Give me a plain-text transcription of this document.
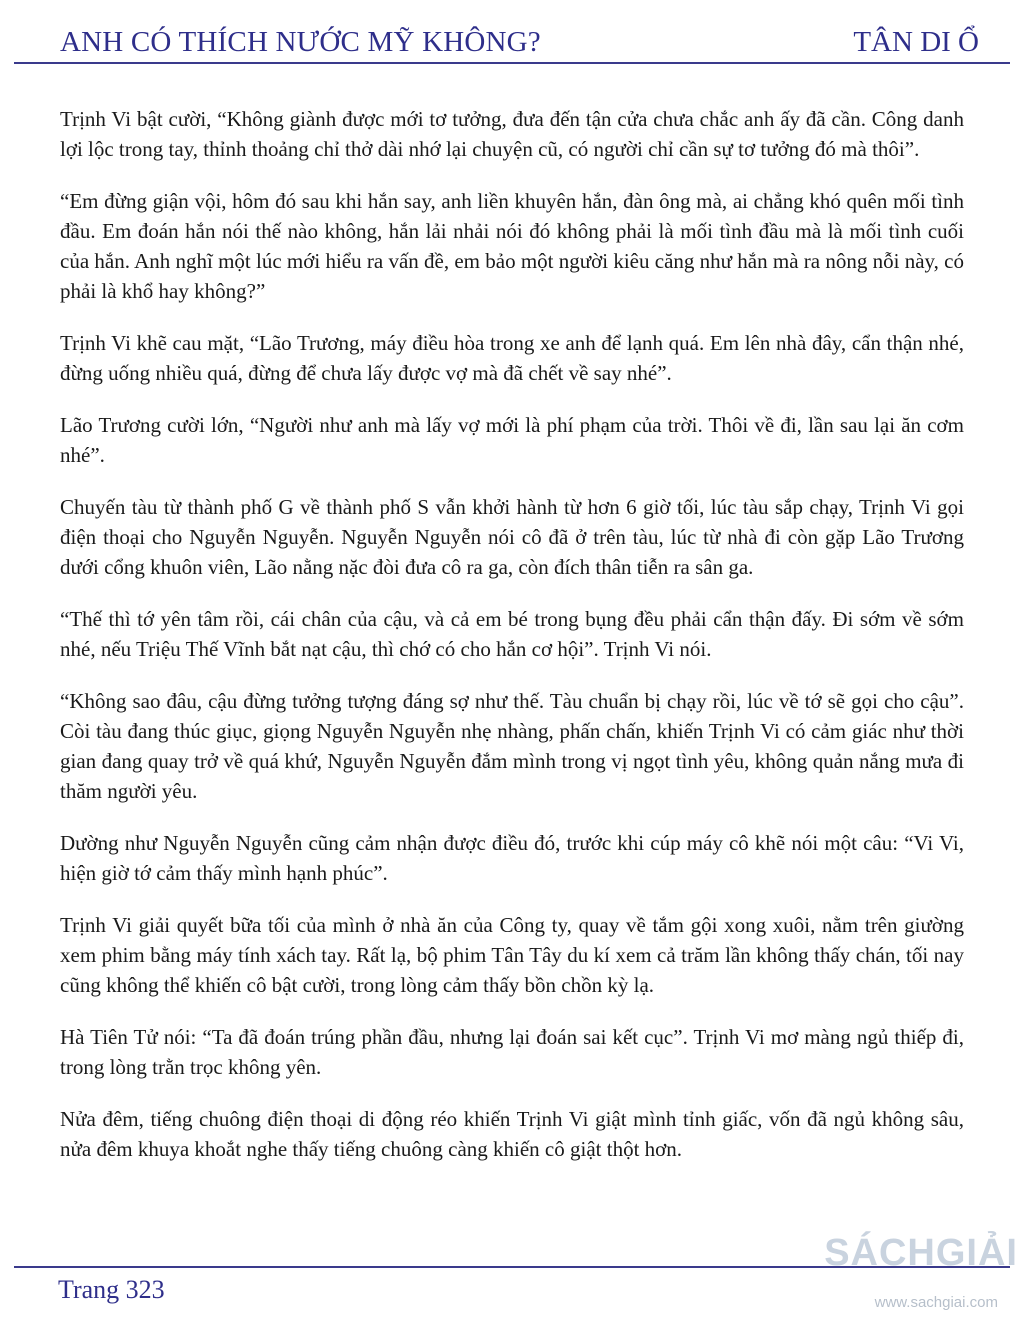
ANH CÓ THÍCH NƯỚC MỸ KHÔNG?	TÂN DI Ổ

Trịnh Vi bật cười, “Không giành được mới tơ tưởng, đưa đến tận cửa chưa chắc anh ấy đã cần. Công danh lợi lộc trong tay, thỉnh thoảng chỉ thở dài nhớ lại chuyện cũ, có người chỉ cần sự tơ tưởng đó mà thôi”.

“Em đừng giận vội, hôm đó sau khi hắn say, anh liền khuyên hắn, đàn ông mà, ai chẳng khó quên mối tình đầu. Em đoán hắn nói thế nào không, hắn lải nhải nói đó không phải là mối tình đầu mà là mối tình cuối của hắn. Anh nghĩ một lúc mới hiểu ra vấn đề, em bảo một người kiêu căng như hắn mà ra nông nỗi này, có phải là khổ hay không?”

Trịnh Vi khẽ cau mặt, “Lão Trương, máy điều hòa trong xe anh để lạnh quá. Em lên nhà đây, cẩn thận nhé, đừng uống nhiều quá, đừng để chưa lấy được vợ mà đã chết về say nhé”.

Lão Trương cười lớn, “Người như anh mà lấy vợ mới là phí phạm của trời. Thôi về đi, lần sau lại ăn cơm nhé”.

Chuyến tàu từ thành phố G về thành phố S vẫn khởi hành từ hơn 6 giờ tối, lúc tàu sắp chạy, Trịnh Vi gọi điện thoại cho Nguyễn Nguyễn. Nguyễn Nguyễn nói cô đã ở trên tàu, lúc từ nhà đi còn gặp Lão Trương dưới cổng khuôn viên, Lão nằng nặc đòi đưa cô ra ga, còn đích thân tiễn ra sân ga.

“Thế thì tớ yên tâm rồi, cái chân của cậu, và cả em bé trong bụng đều phải cẩn thận đấy. Đi sớm về sớm nhé, nếu Triệu Thế Vĩnh bắt nạt cậu, thì chớ có cho hắn cơ hội”. Trịnh Vi nói.

“Không sao đâu, cậu đừng tưởng tượng đáng sợ như thế. Tàu chuẩn bị chạy rồi, lúc về tớ sẽ gọi cho cậu”. Còi tàu đang thúc giục, giọng Nguyễn Nguyễn nhẹ nhàng, phấn chấn, khiến Trịnh Vi có cảm giác như thời gian đang quay trở về quá khứ, Nguyễn Nguyễn đắm mình trong vị ngọt tình yêu, không quản nắng mưa đi thăm người yêu.

Dường như Nguyễn Nguyễn cũng cảm nhận được điều đó, trước khi cúp máy cô khẽ nói một câu: “Vi Vi, hiện giờ tớ cảm thấy mình hạnh phúc”.

Trịnh Vi giải quyết bữa tối của mình ở nhà ăn của Công ty, quay về tắm gội xong xuôi, nằm trên giường xem phim bằng máy tính xách tay. Rất lạ, bộ phim Tân Tây du kí xem cả trăm lần không thấy chán, tối nay cũng không thể khiến cô bật cười, trong lòng cảm thấy bồn chồn kỳ lạ.

Hà Tiên Tử nói: “Ta đã đoán trúng phần đầu, nhưng lại đoán sai kết cục”. Trịnh Vi mơ màng ngủ thiếp đi, trong lòng trằn trọc không yên.

Nửa đêm, tiếng chuông điện thoại di động réo khiến Trịnh Vi giật mình tỉnh giấc, vốn đã ngủ không sâu, nửa đêm khuya khoắt nghe thấy tiếng chuông càng khiến cô giật thột hơn.

Trang 323
SÁCHGIẢI
www.sachgiai.com
